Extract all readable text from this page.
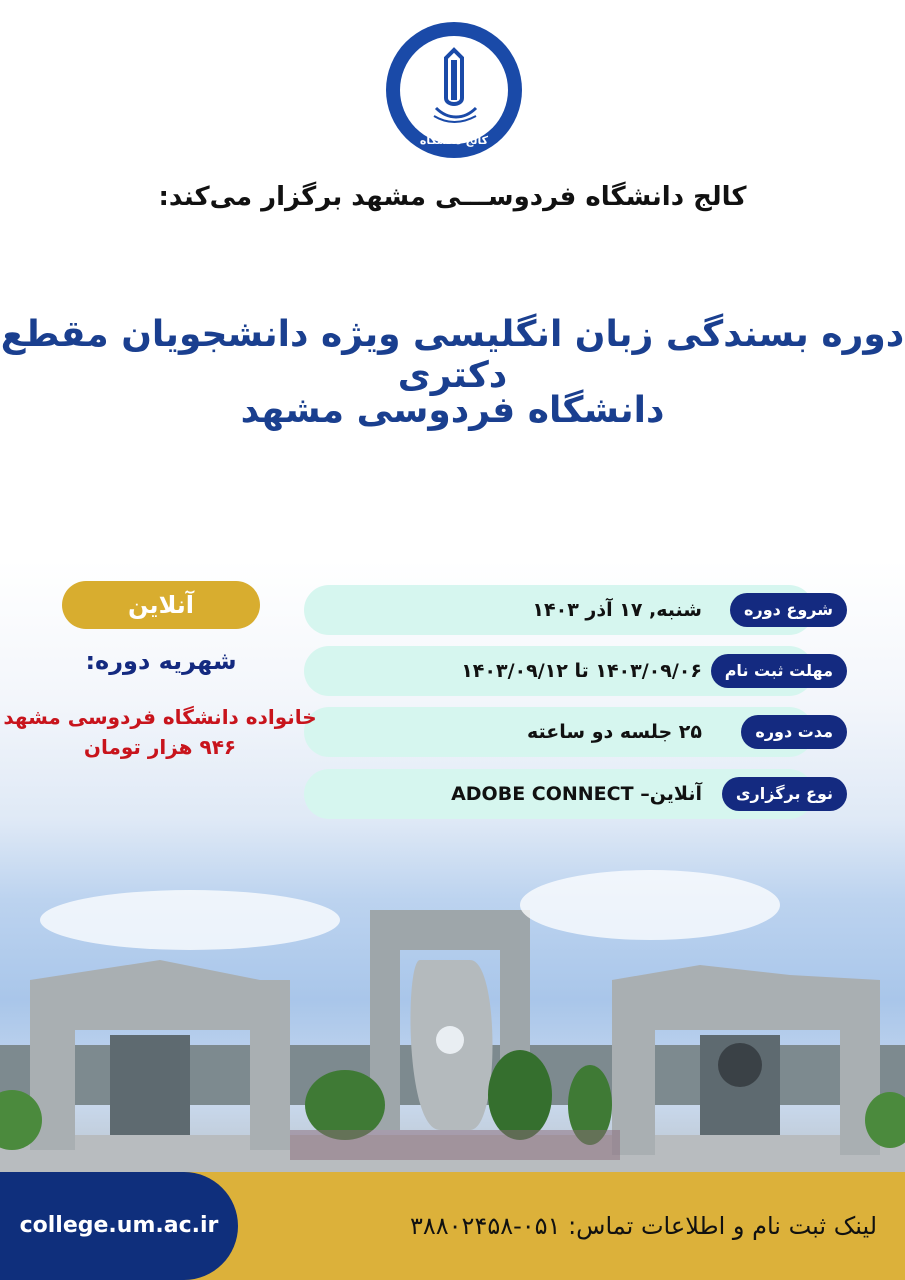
کالج دانشگاه
کالج دانشگاه فردوســـی مشهد برگزار می‌کند:
دوره بسندگی زبان انگلیسی ویژه دانشجویان مقطع دکتری
دانشگاه فردوسی مشهد
شروع دوره
شنبه, ۱۷ آذر ۱۴۰۳
مهلت ثبت نام
۱۴۰۳/۰۹/۰۶ تا ۱۴۰۳/۰۹/۱۲
مدت دوره
۲۵ جلسه دو ساعته
نوع برگزاری
آنلاین– ADOBE CONNECT
آنلاین
شهریه دوره:
خانواده دانشگاه فردوسی مشهد
۹۴۶ هزار تومان
college.um.ac.ir	لینک ثبت نام و اطلاعات تماس: ۰۵۱-۳۸۸۰۲۴۵۸
